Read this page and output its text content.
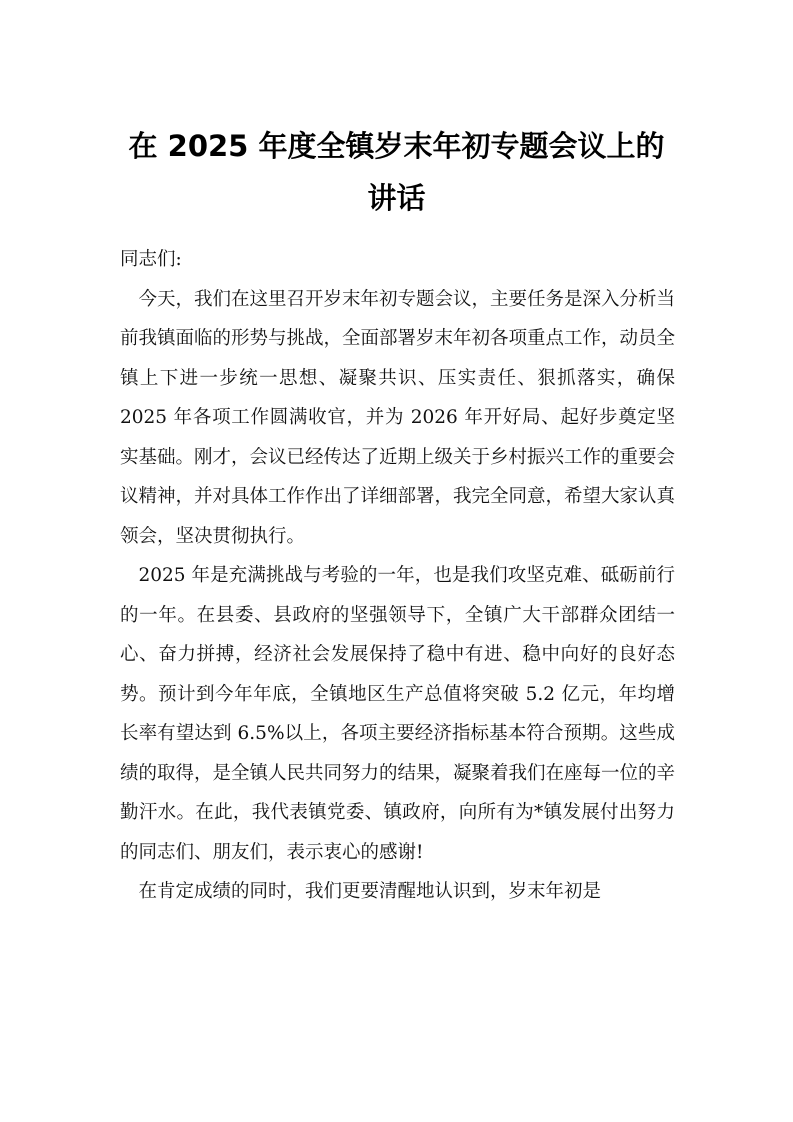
在 2025 年度全镇岁末年初专题会议上的讲话

同志们:

今天，我们在这里召开岁末年初专题会议，主要任务是深入分析当前我镇面临的形势与挑战，全面部署岁末年初各项重点工作，动员全镇上下进一步统一思想、凝聚共识、压实责任、狠抓落实，确保 2025 年各项工作圆满收官，并为 2026 年开好局、起好步奠定坚实基础。刚才，会议已经传达了近期上级关于乡村振兴工作的重要会议精神，并对具体工作作出了详细部署，我完全同意，希望大家认真领会，坚决贯彻执行。

2025 年是充满挑战与考验的一年，也是我们攻坚克难、砥砺前行的一年。在县委、县政府的坚强领导下，全镇广大干部群众团结一心、奋力拼搏，经济社会发展保持了稳中有进、稳中向好的良好态势。预计到今年年底，全镇地区生产总值将突破 5.2 亿元，年均增长率有望达到 6.5%以上，各项主要经济指标基本符合预期。这些成绩的取得，是全镇人民共同努力的结果，凝聚着我们在座每一位的辛勤汗水。在此，我代表镇党委、镇政府，向所有为*镇发展付出努力的同志们、朋友们，表示衷心的感谢!

在肯定成绩的同时，我们更要清醒地认识到，岁末年初是
